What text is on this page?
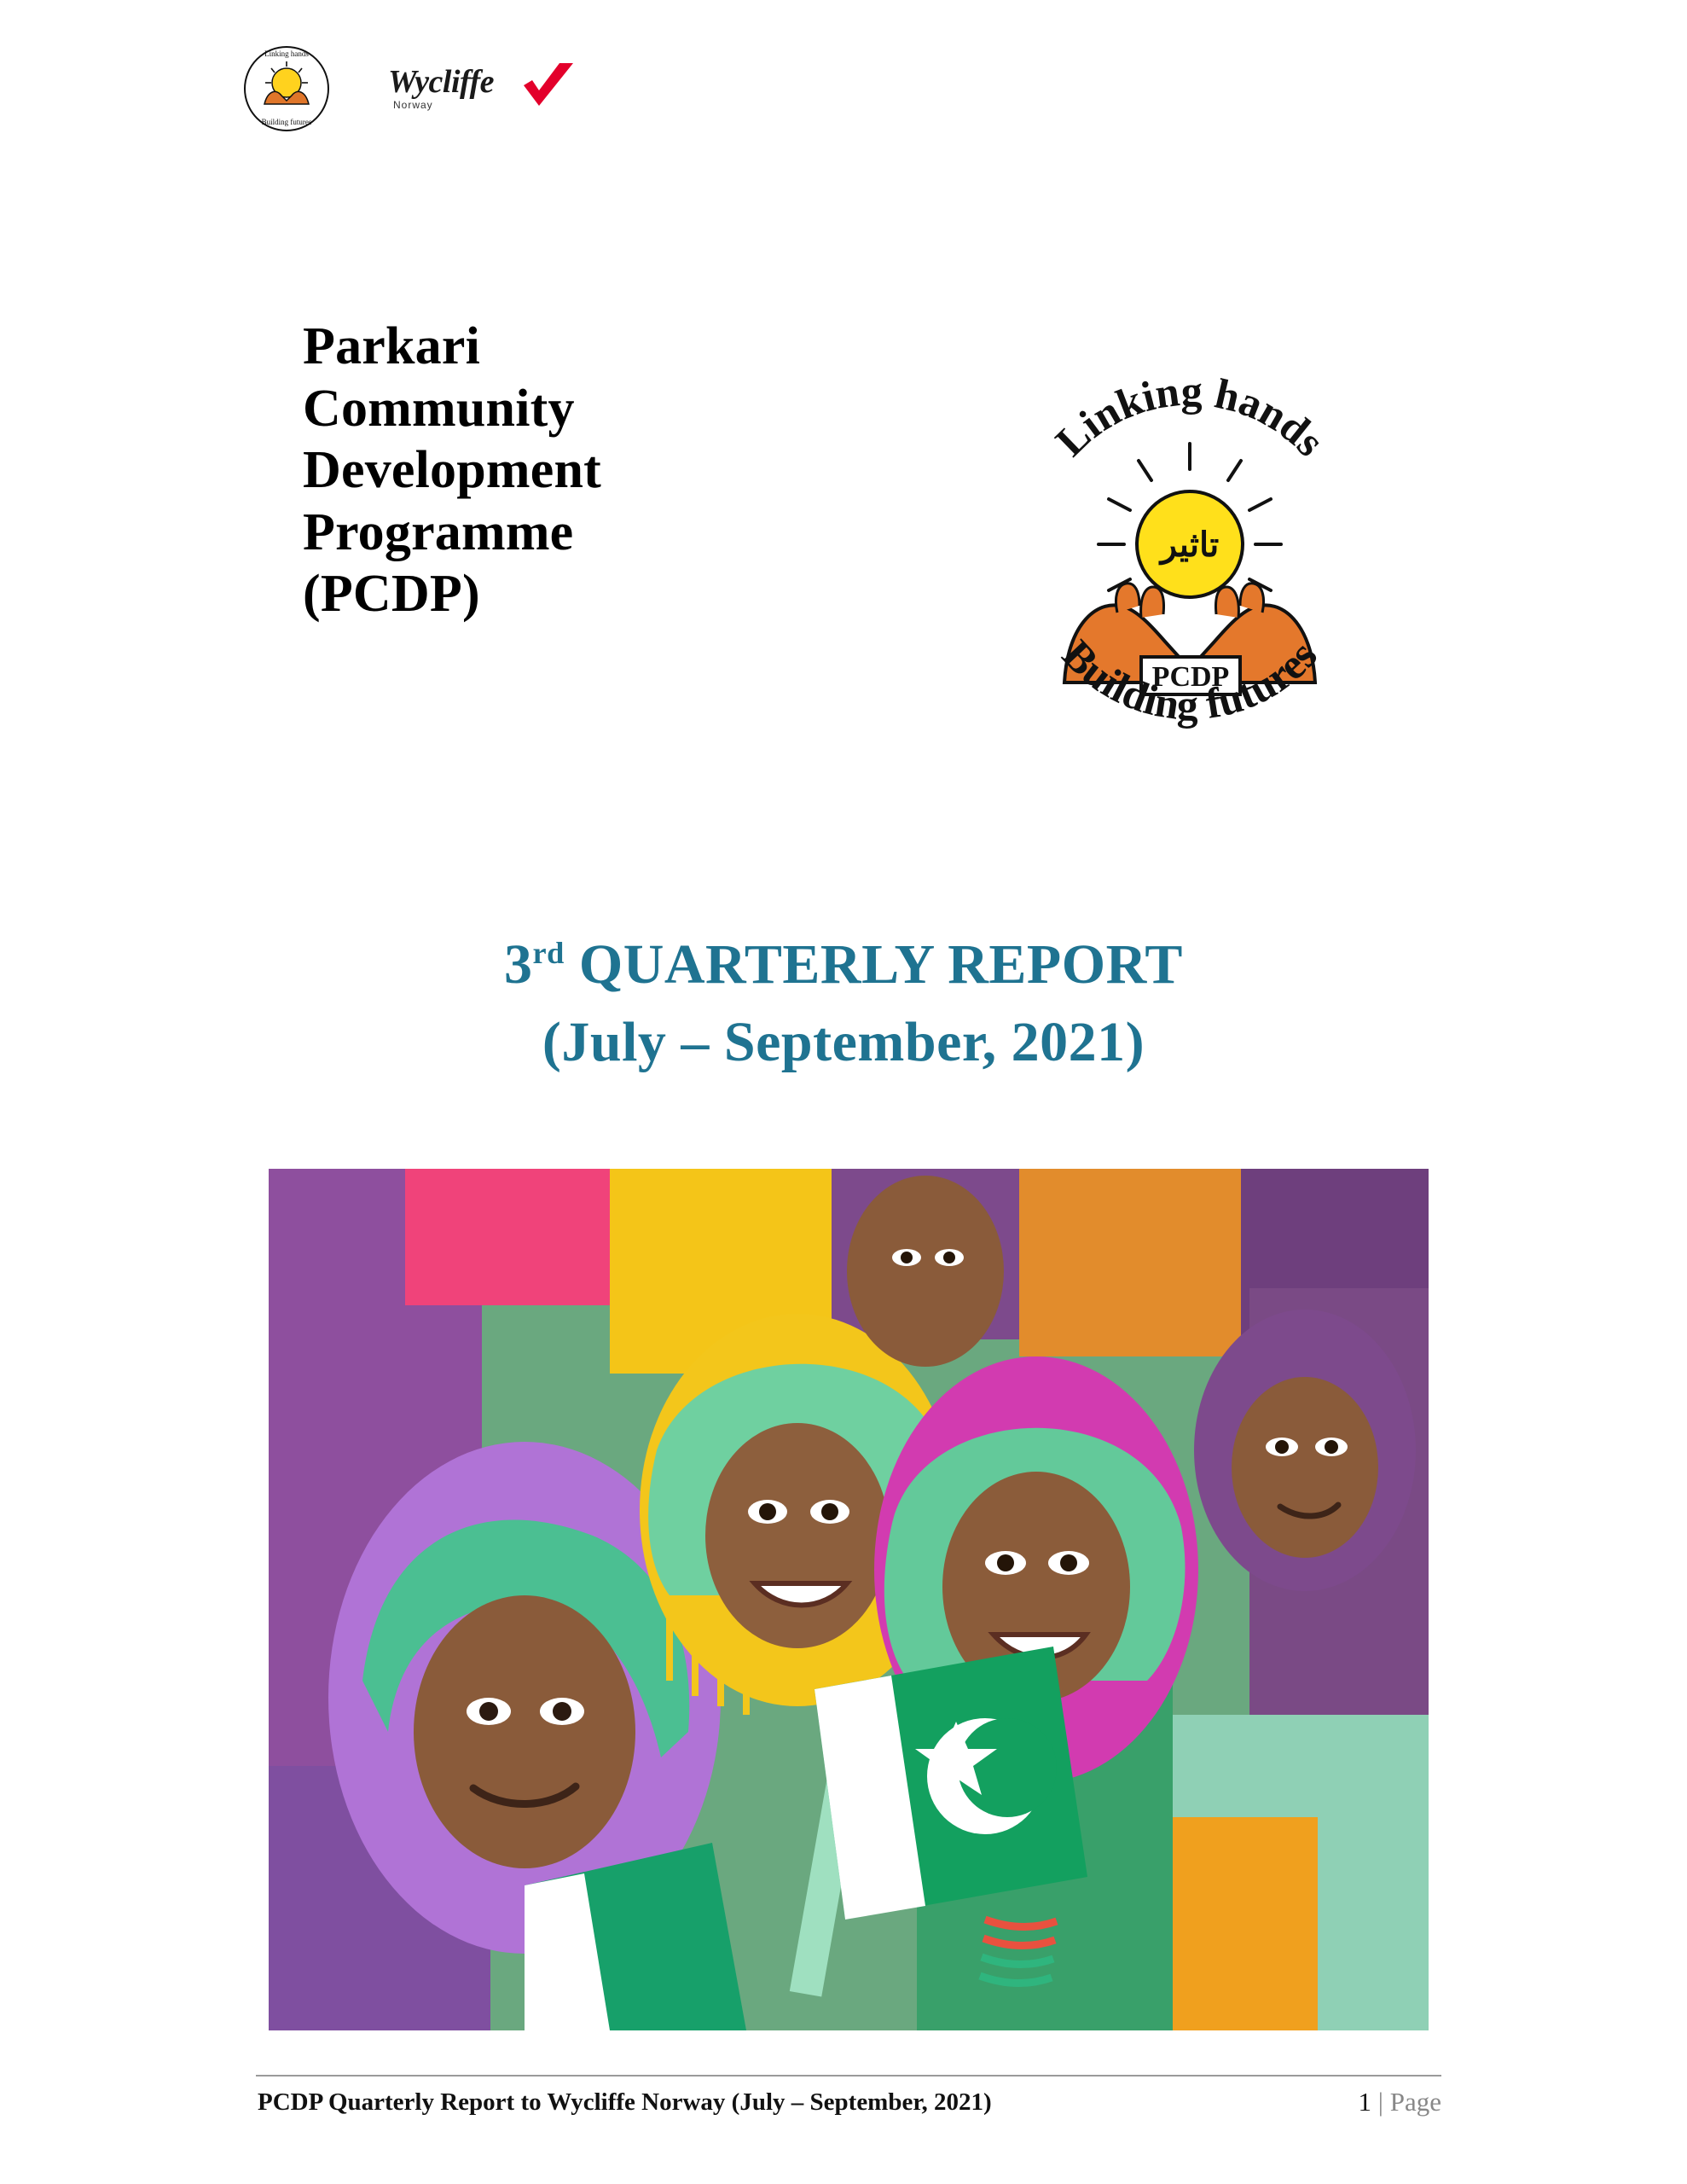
Linking hands
Building futures
Wycliffe
Norway
Parkari
Community
Development
Programme
(PCDP)
تاثیر
PCDP
Linking hands
Building futures
3rd QUARTERLY REPORT
(July – September, 2021)
PCDP Quarterly Report to Wycliffe Norway (July – September, 2021)	1 | Page
